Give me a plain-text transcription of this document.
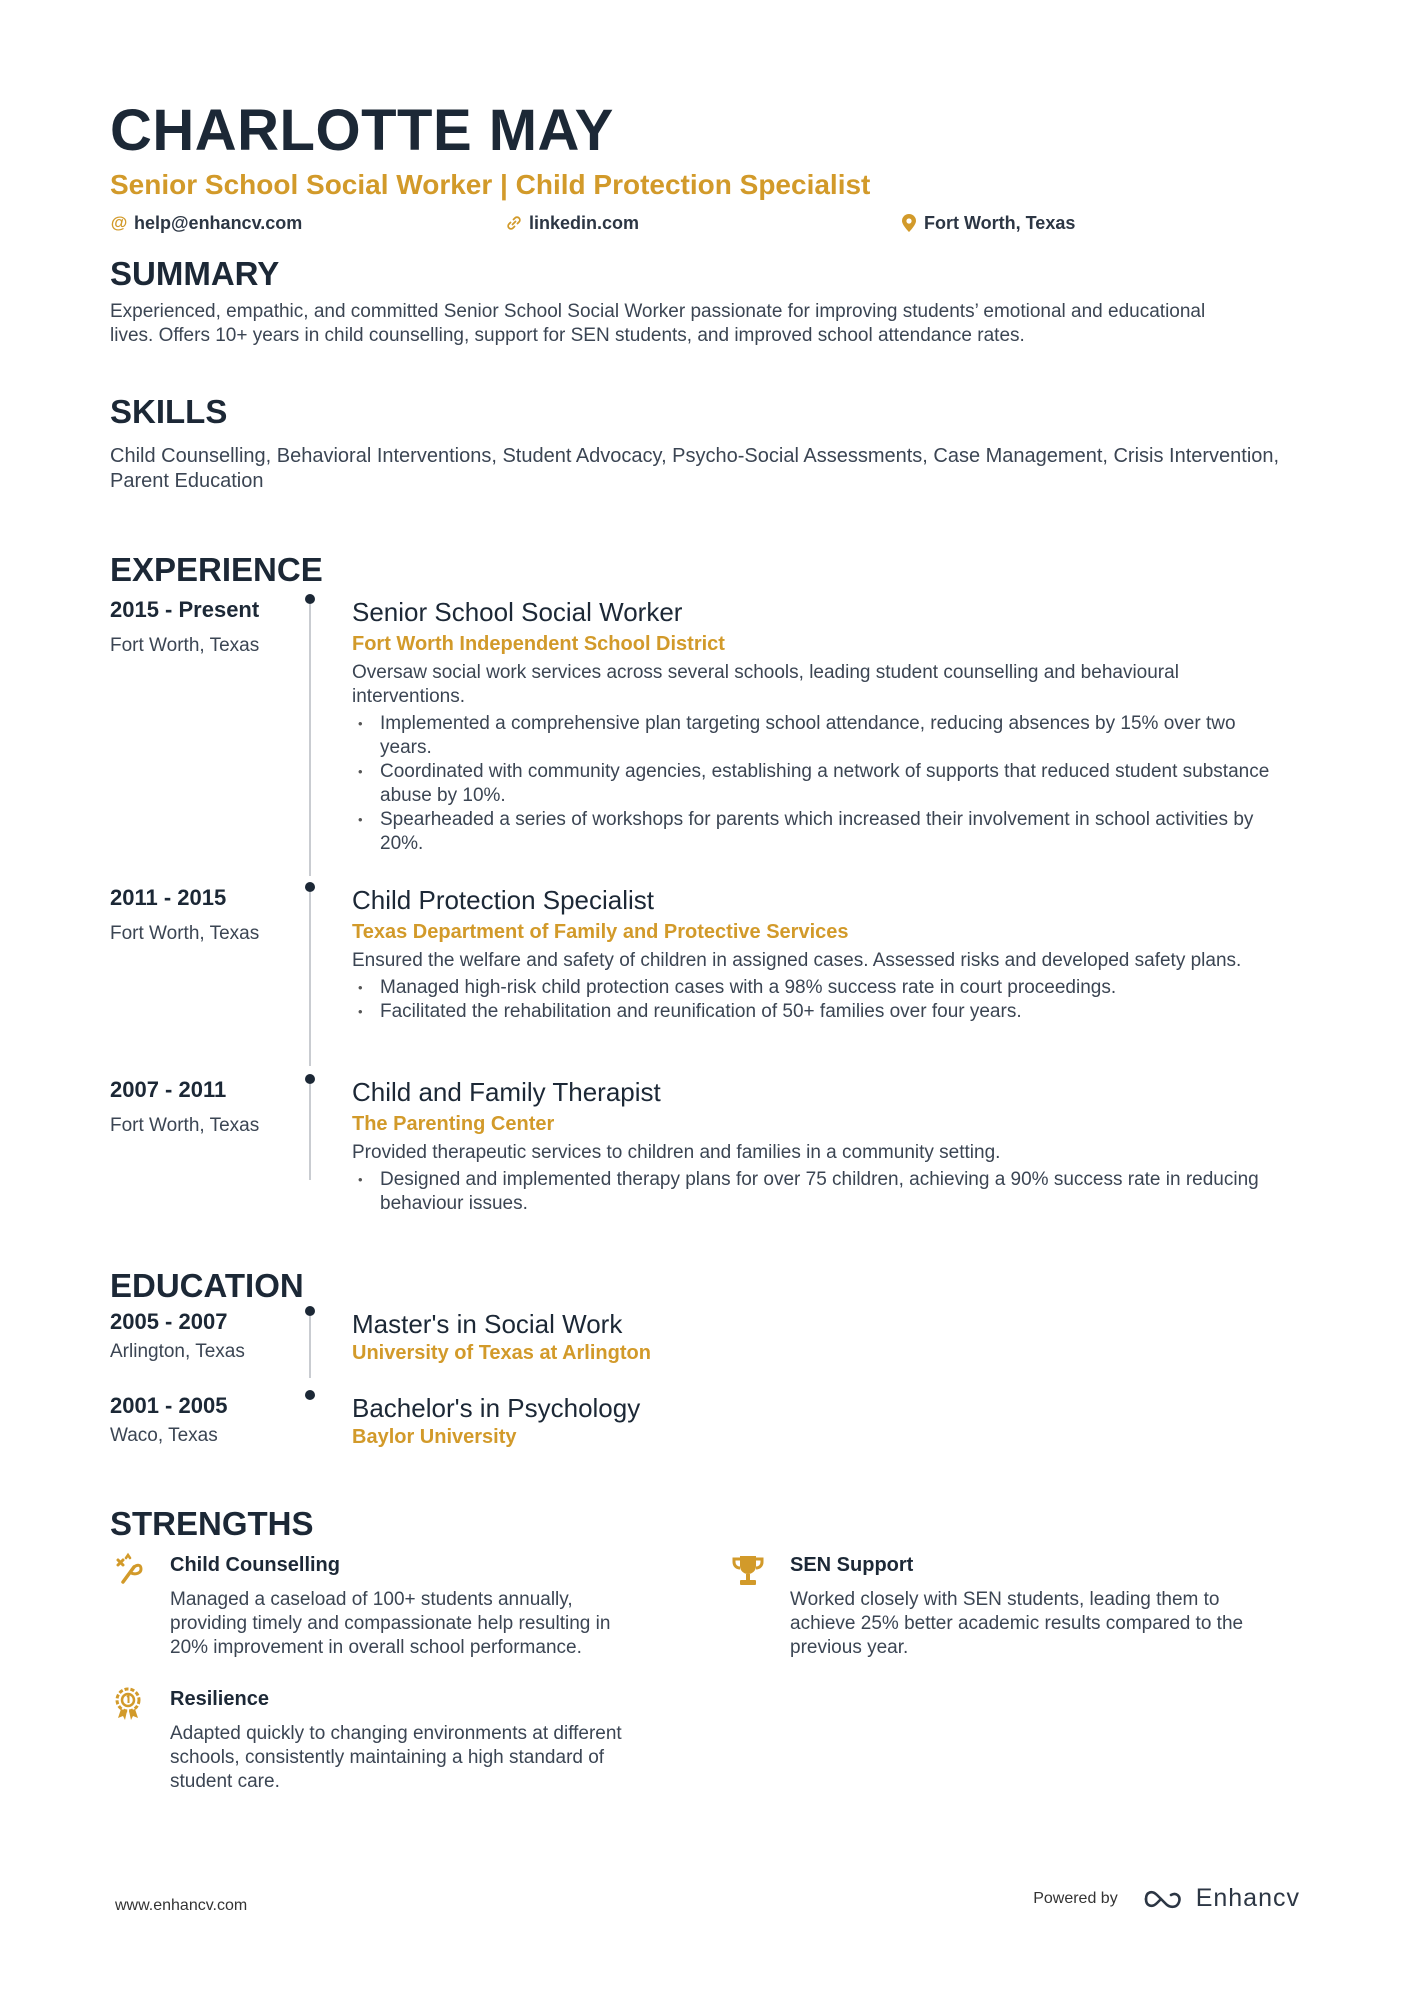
CHARLOTTE MAY
Senior School Social Worker | Child Protection Specialist
@ help@enhancv.com	linkedin.com	Fort Worth, Texas
SUMMARY
Experienced, empathic, and committed Senior School Social Worker passionate for improving students’ emotional and educational lives. Offers 10+ years in child counselling, support for SEN students, and improved school attendance rates.
SKILLS
Child Counselling, Behavioral Interventions, Student Advocacy, Psycho-Social Assessments, Case Management, Crisis Intervention, Parent Education
EXPERIENCE
2015 - Present
Fort Worth, Texas
Senior School Social Worker
Fort Worth Independent School District
Oversaw social work services across several schools, leading student counselling and behavioural interventions.
• Implemented a comprehensive plan targeting school attendance, reducing absences by 15% over two years.
• Coordinated with community agencies, establishing a network of supports that reduced student substance abuse by 10%.
• Spearheaded a series of workshops for parents which increased their involvement in school activities by 20%.
2011 - 2015
Fort Worth, Texas
Child Protection Specialist
Texas Department of Family and Protective Services
Ensured the welfare and safety of children in assigned cases. Assessed risks and developed safety plans.
• Managed high-risk child protection cases with a 98% success rate in court proceedings.
• Facilitated the rehabilitation and reunification of 50+ families over four years.
2007 - 2011
Fort Worth, Texas
Child and Family Therapist
The Parenting Center
Provided therapeutic services to children and families in a community setting.
• Designed and implemented therapy plans for over 75 children, achieving a 90% success rate in reducing behaviour issues.
EDUCATION
2005 - 2007
Arlington, Texas
Master's in Social Work
University of Texas at Arlington
2001 - 2005
Waco, Texas
Bachelor's in Psychology
Baylor University
STRENGTHS
Child Counselling
Managed a caseload of 100+ students annually, providing timely and compassionate help resulting in 20% improvement in overall school performance.
SEN Support
Worked closely with SEN students, leading them to achieve 25% better academic results compared to the previous year.
Resilience
Adapted quickly to changing environments at different schools, consistently maintaining a high standard of student care.
www.enhancv.com	Powered by	Enhancv
